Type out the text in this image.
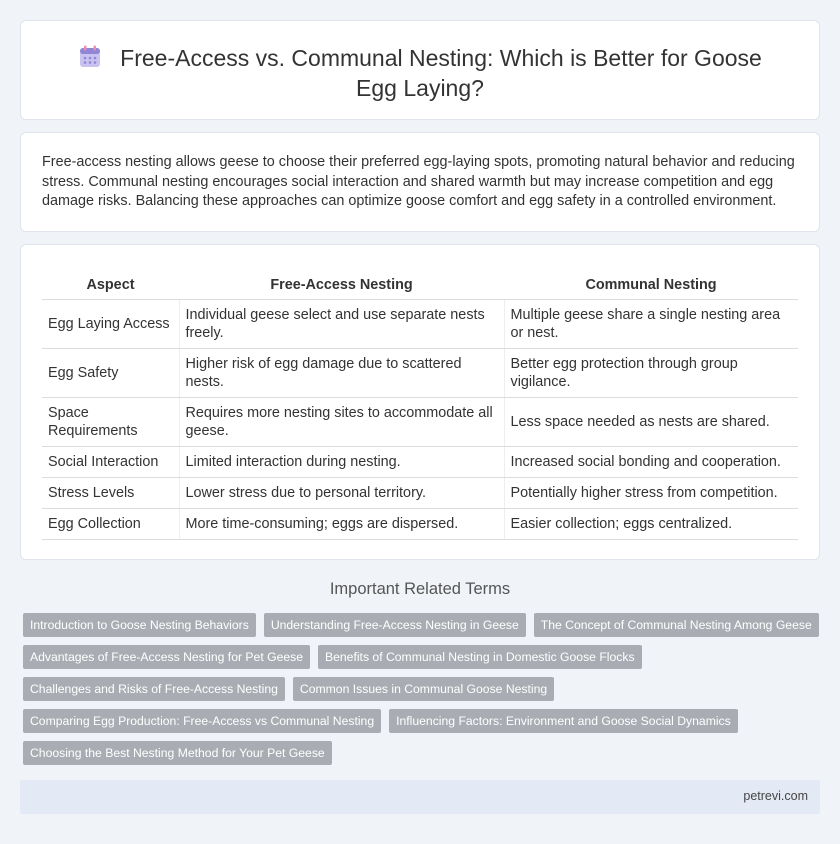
Free-Access vs. Communal Nesting: Which is Better for Goose Egg Laying?

Free-access nesting allows geese to choose their preferred egg-laying spots, promoting natural behavior and reducing stress. Communal nesting encourages social interaction and shared warmth but may increase competition and egg damage risks. Balancing these approaches can optimize goose comfort and egg safety in a controlled environment.

Aspect	Free-Access Nesting	Communal Nesting
Egg Laying Access	Individual geese select and use separate nests freely.	Multiple geese share a single nesting area or nest.
Egg Safety	Higher risk of egg damage due to scattered nests.	Better egg protection through group vigilance.
Space Requirements	Requires more nesting sites to accommodate all geese.	Less space needed as nests are shared.
Social Interaction	Limited interaction during nesting.	Increased social bonding and cooperation.
Stress Levels	Lower stress due to personal territory.	Potentially higher stress from competition.
Egg Collection	More time-consuming; eggs are dispersed.	Easier collection; eggs centralized.
Important Related Terms
Introduction to Goose Nesting Behaviors	Understanding Free-Access Nesting in Geese	The Concept of Communal Nesting Among Geese
Advantages of Free-Access Nesting for Pet Geese	Benefits of Communal Nesting in Domestic Goose Flocks
Challenges and Risks of Free-Access Nesting	Common Issues in Communal Goose Nesting
Comparing Egg Production: Free-Access vs Communal Nesting	Influencing Factors: Environment and Goose Social Dynamics
Choosing the Best Nesting Method for Your Pet Geese
petrevi.com
